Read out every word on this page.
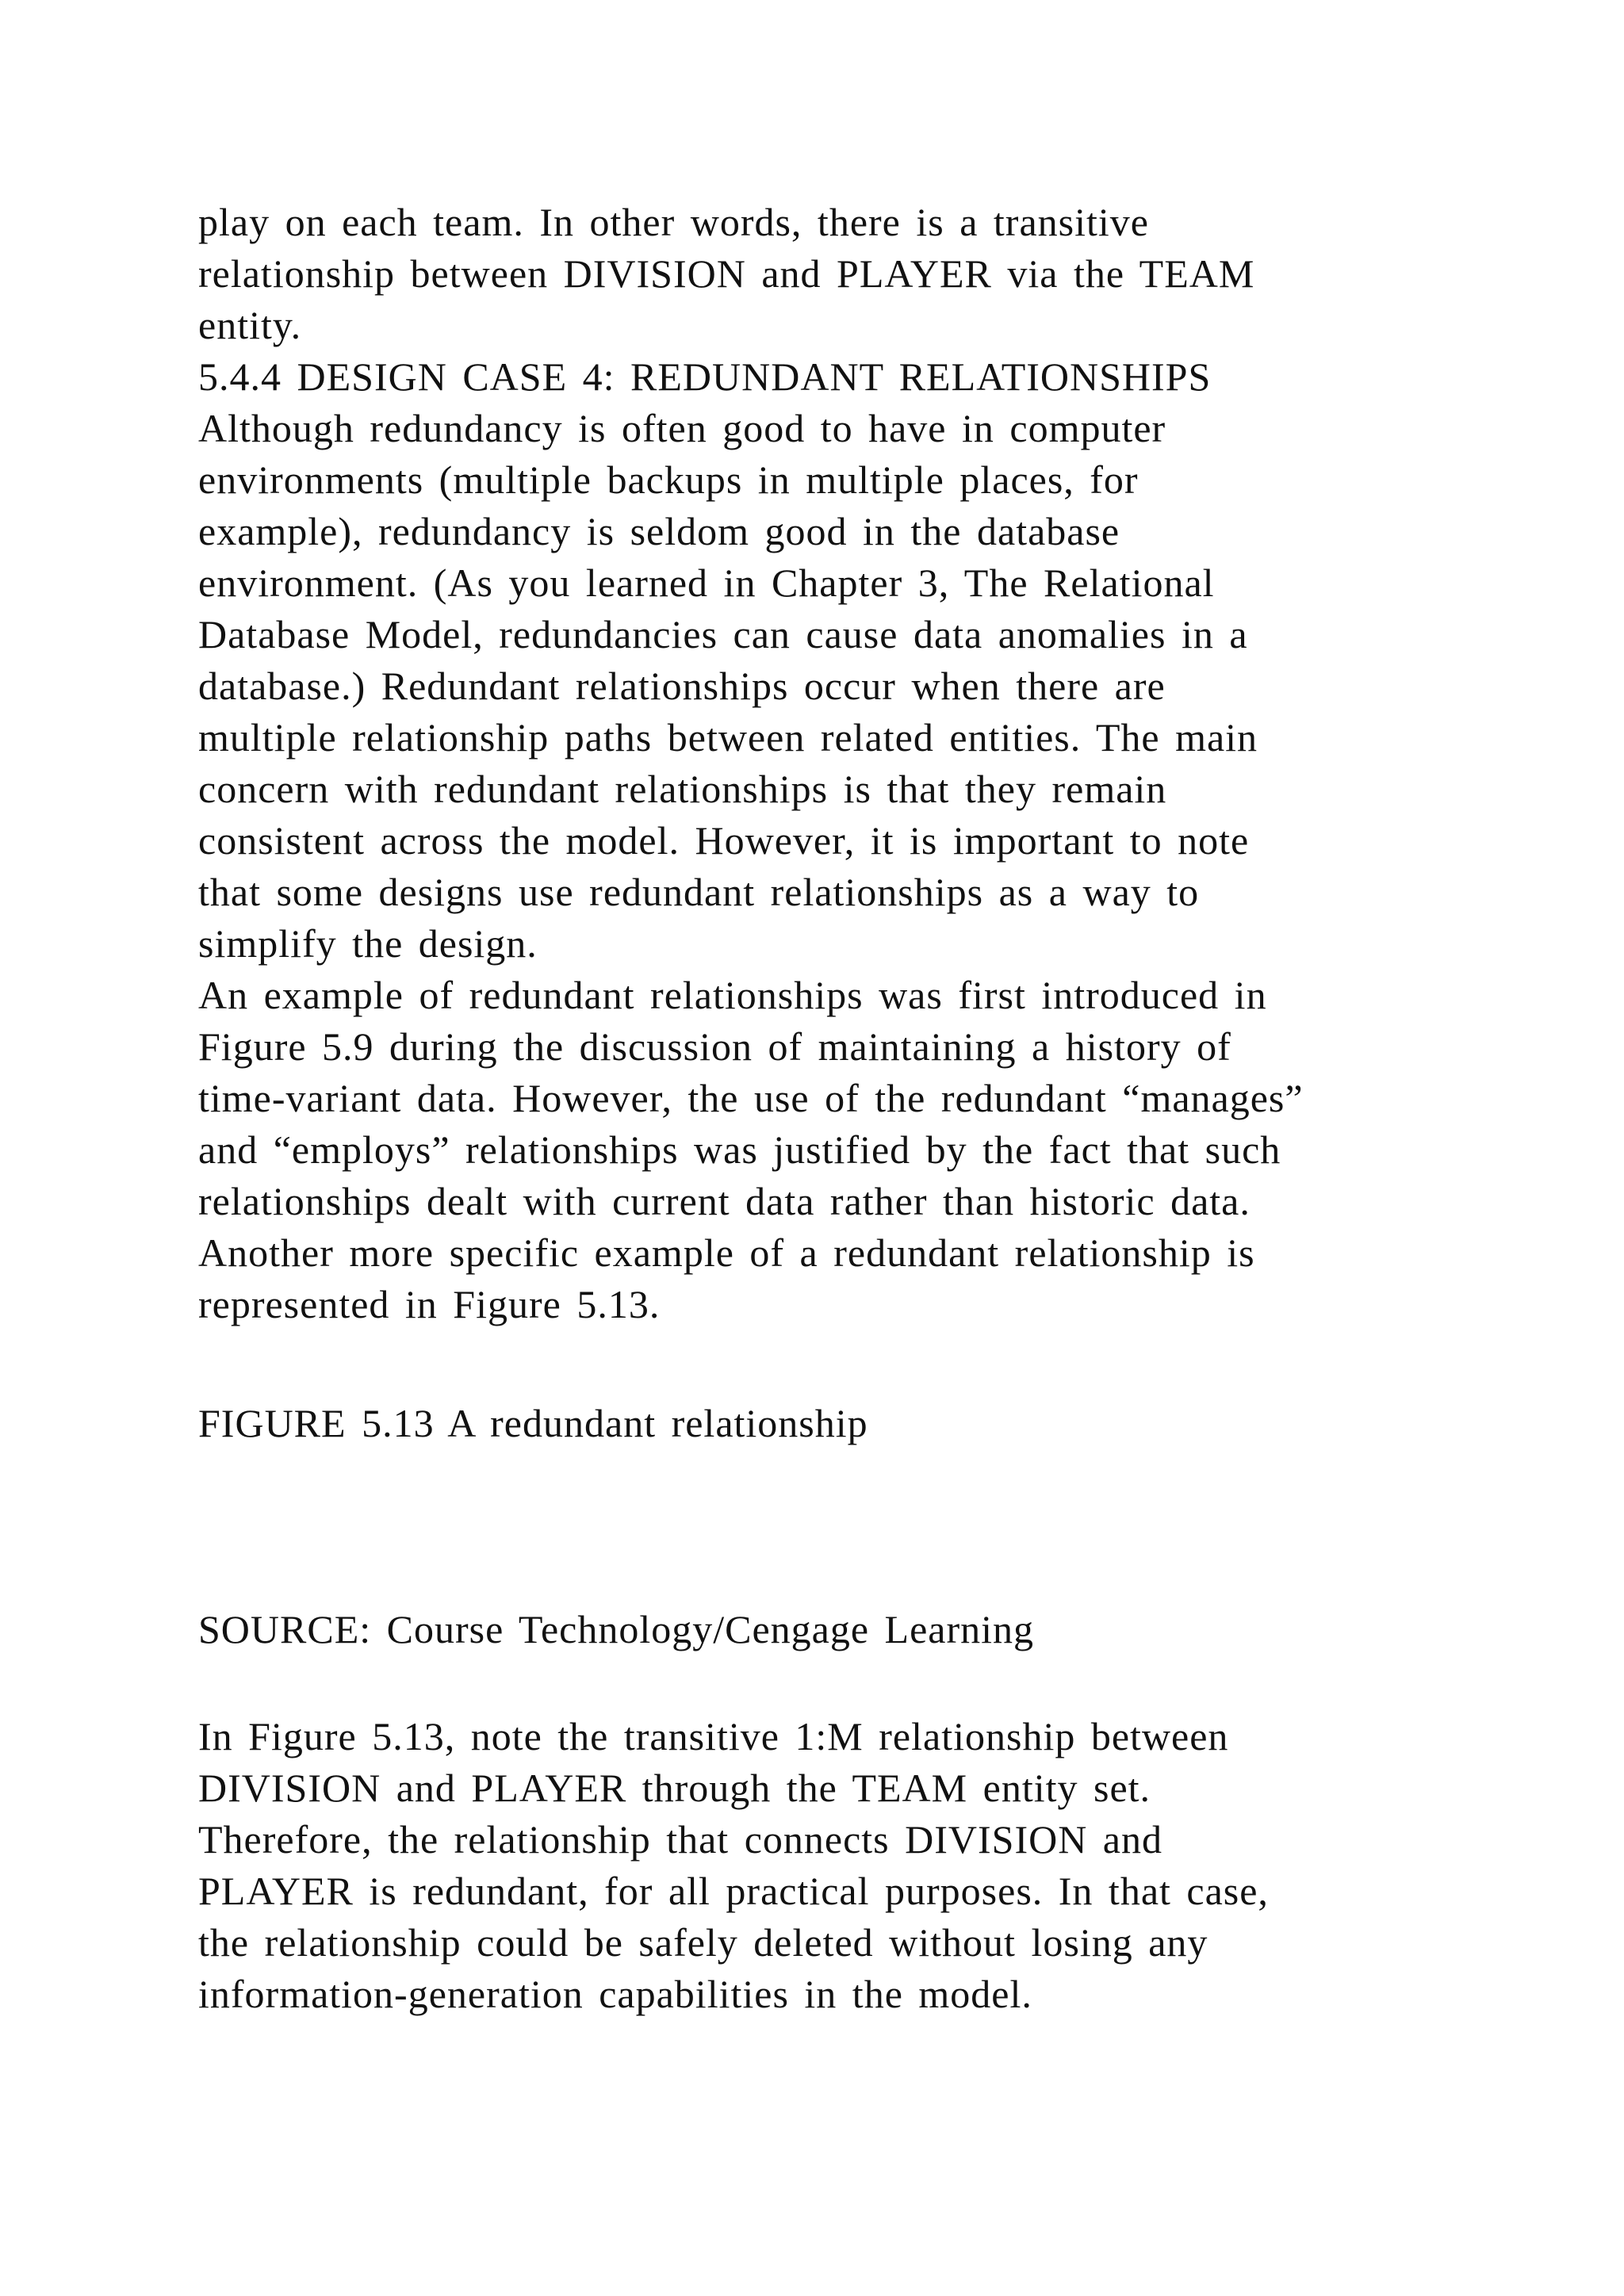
play on each team. In other words, there is a transitive

relationship between DIVISION and PLAYER via the TEAM

entity.

5.4.4 DESIGN CASE 4: REDUNDANT RELATIONSHIPS

Although redundancy is often good to have in computer

environments (multiple backups in multiple places, for

example), redundancy is seldom good in the database

environment. (As you learned in Chapter 3, The Relational

Database Model, redundancies can cause data anomalies in a

database.) Redundant relationships occur when there are

multiple relationship paths between related entities. The main

concern with redundant relationships is that they remain

consistent across the model. However, it is important to note

that some designs use redundant relationships as a way to

simplify the design.

An example of redundant relationships was first introduced in

Figure 5.9 during the discussion of maintaining a history of

time-variant data. However, the use of the redundant “manages”

and “employs” relationships was justified by the fact that such

relationships dealt with current data rather than historic data.

Another more specific example of a redundant relationship is

represented in Figure 5.13.

FIGURE 5.13 A redundant relationship

SOURCE: Course Technology/Cengage Learning

In Figure 5.13, note the transitive 1:M relationship between

DIVISION and PLAYER through the TEAM entity set.

Therefore, the relationship that connects DIVISION and

PLAYER is redundant, for all practical purposes. In that case,

the relationship could be safely deleted without losing any

information-generation capabilities in the model.
